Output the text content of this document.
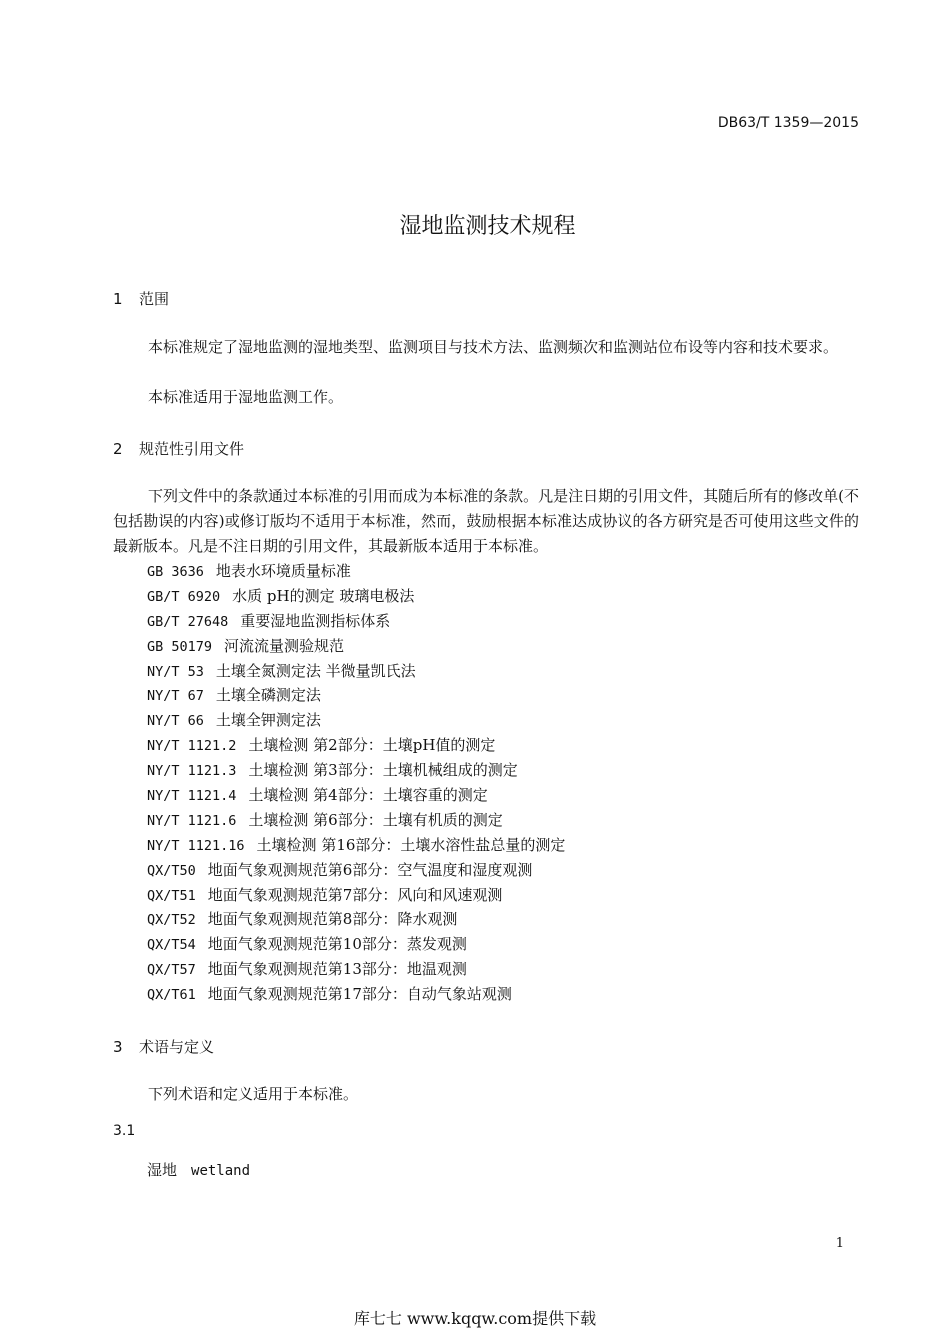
DB63/T 1359—2015
湿地监测技术规程
1 范围

本标准规定了湿地监测的湿地类型、监测项目与技术方法、监测频次和监测站位布设等内容和技术要求。

本标准适用于湿地监测工作。

2 规范性引用文件

下列文件中的条款通过本标准的引用而成为本标准的条款。凡是注日期的引用文件，其随后所有的修改单(不包括勘误的内容)或修订版均不适用于本标准，然而，鼓励根据本标准达成协议的各方研究是否可使用这些文件的最新版本。凡是不注日期的引用文件，其最新版本适用于本标准。

GB 3636 地表水环境质量标准
GB/T 6920 水质 pH的测定 玻璃电极法
GB/T 27648 重要湿地监测指标体系
GB 50179 河流流量测验规范
NY/T 53 土壤全氮测定法 半微量凯氏法
NY/T 67 土壤全磷测定法
NY/T 66 土壤全钾测定法
NY/T 1121.2 土壤检测 第2部分：土壤pH值的测定
NY/T 1121.3 土壤检测 第3部分：土壤机械组成的测定
NY/T 1121.4 土壤检测 第4部分：土壤容重的测定
NY/T 1121.6 土壤检测 第6部分：土壤有机质的测定
NY/T 1121.16 土壤检测 第16部分：土壤水溶性盐总量的测定
QX/T50 地面气象观测规范第6部分：空气温度和湿度观测
QX/T51 地面气象观测规范第7部分：风向和风速观测
QX/T52 地面气象观测规范第8部分：降水观测
QX/T54 地面气象观测规范第10部分：蒸发观测
QX/T57 地面气象观测规范第13部分：地温观测
QX/T61 地面气象观测规范第17部分：自动气象站观测
3 术语与定义

下列术语和定义适用于本标准。

3.1
湿地 wetland
1
库七七 www.kqqw.com提供下载
